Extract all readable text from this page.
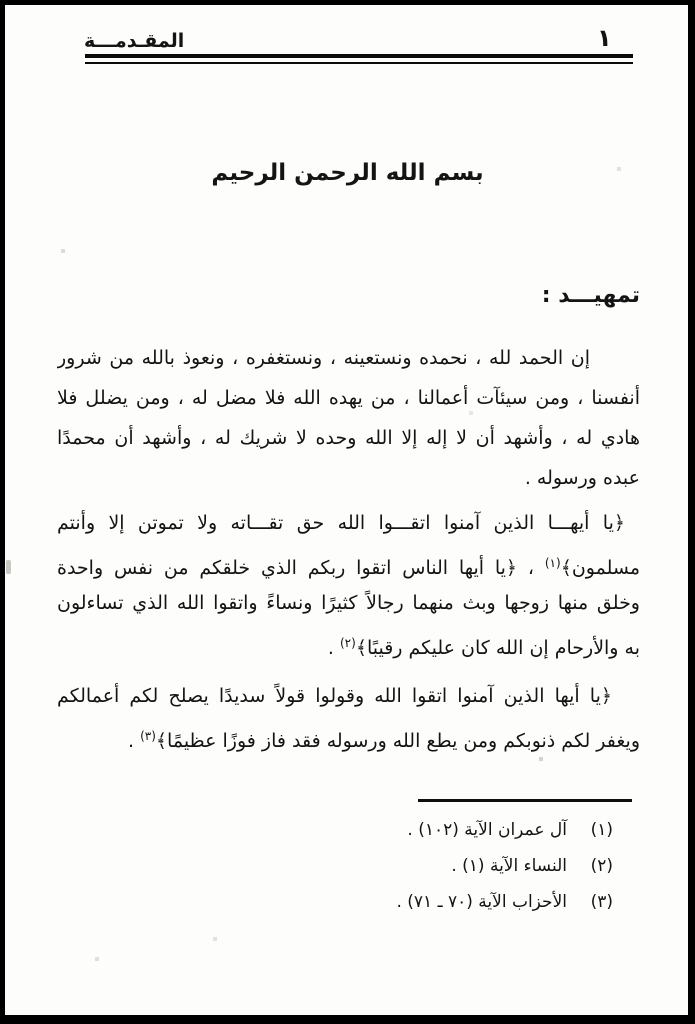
المقـدمـــة	١
بسم الله الرحمن الرحيم
تمهيـــد :
إن الحمد لله ، نحمده ونستعينه ، ونستغفره ، ونعوذ بالله من شرور
أنفسنا ، ومن سيئآت أعمالنا ، من يهده الله فلا مضل له ، ومن يضلل فلا
هادي له ، وأشهد أن لا إله إلا الله وحده لا شريك له ، وأشهد أن محمدًا
عبده ورسوله .
﴿يا أيهـــا الذين آمنوا اتقـــوا الله حق تقـــاته ولا تموتن إلا وأنتم
مسلمون﴾$^{(١)}$ ، ﴿يا أيها الناس اتقوا ربكم الذي خلقكم من نفس واحدة
وخلق منها زوجها وبث منهما رجالاً كثيرًا ونساءً واتقوا الله الذي تساءلون
به والأرحام إن الله كان عليكم رقيبًا﴾$^{(٢)}$ .
﴿يا أيها الذين آمنوا اتقوا الله وقولوا قولاً سديدًا يصلح لكم أعمالكم
ويغفر لكم ذنوبكم ومن يطع الله ورسوله فقد فاز فوزًا عظيمًا﴾$^{(٣)}$ .
(١)
آل عمران الآية (١٠٢) .
(٢)
النساء الآية (١) .
(٣)
الأحزاب الآية (٧٠ ـ ٧١) .
